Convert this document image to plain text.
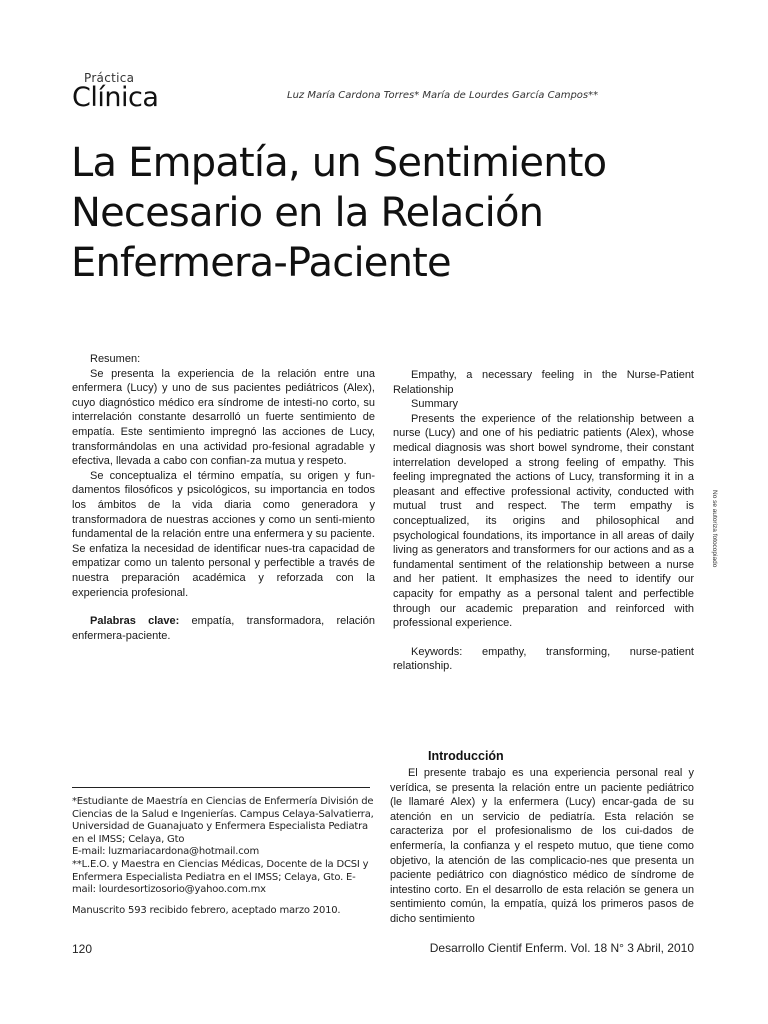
Práctica
Clínica	Luz María Cardona Torres* María de Lourdes García Campos**
La Empatía, un Sentimiento Necesario en la Relación Enfermera-Paciente

Resumen:

Se presenta la experiencia de la relación entre una enfermera (Lucy) y uno de sus pacientes pediátricos (Alex), cuyo diagnóstico médico era síndrome de intesti-no corto, su interrelación constante desarrolló un fuerte sentimiento de empatía. Este sentimiento impregnó las acciones de Lucy, transformándolas en una actividad pro-fesional agradable y efectiva, llevada a cabo con confian-za mutua y respeto.

Se conceptualiza el término empatía, su origen y fun-damentos filosóficos y psicológicos, su importancia en todos los ámbitos de la vida diaria como generadora y transformadora de nuestras acciones y como un senti-miento fundamental de la relación entre una enfermera y su paciente. Se enfatiza la necesidad de identificar nues-tra capacidad de empatizar como un talento personal y perfectible a través de nuestra preparación académica y reforzada con la experiencia profesional.

Palabras clave: empatía, transformadora, relación enfermera-paciente.

Empathy, a necessary feeling in the Nurse-Patient Relationship

Summary

Presents the experience of the relationship between a nurse (Lucy) and one of his pediatric patients (Alex), whose medical diagnosis was short bowel syndrome, their constant interrelation developed a strong feeling of empathy. This feeling impregnated the actions of Lucy, transforming it in a pleasant and effective professional activity, conducted with mutual trust and respect. The term empathy is conceptualized, its origins and philosophical and psychological foundations, its importance in all areas of daily living as generators and transformers for our actions and as a fundamental sentiment of the relationship between a nurse and her patient. It emphasizes the need to identify our capacity for empathy as a personal talent and perfectible through our academic preparation and reinforced with professional experience.

Keywords: empathy, transforming, nurse-patient relationship.

No se autoriza fotocopiado
Introducción

El presente trabajo es una experiencia personal real y verídica, se presenta la relación entre un paciente pediátrico (le llamaré Alex) y la enfermera (Lucy) encar-gada de su atención en un servicio de pediatría. Esta relación se caracteriza por el profesionalismo de los cui-dados de enfermería, la confianza y el respeto mutuo, que tiene como objetivo, la atención de las complicacio-nes que presenta un paciente pediátrico con diagnóstico médico de síndrome de intestino corto. En el desarrollo de esta relación se genera un sentimiento común, la empatía, quizá los primeros pasos de dicho sentimiento

*Estudiante de Maestría en Ciencias de Enfermería División de Ciencias de la Salud e Ingenierías. Campus Celaya-Salvatierra, Universidad de Guanajuato y Enfermera Especialista Pediatra en el IMSS; Celaya, Gto

E-mail: luzmariacardona@hotmail.com

**L.E.O. y Maestra en Ciencias Médicas, Docente de la DCSI y Enfermera Especialista Pediatra en el IMSS; Celaya, Gto. E-mail: lourdesortizosorio@yahoo.com.mx

Manuscrito 593 recibido febrero, aceptado marzo 2010.

120	Desarrollo Cientif Enferm. Vol. 18 N° 3 Abril, 2010
